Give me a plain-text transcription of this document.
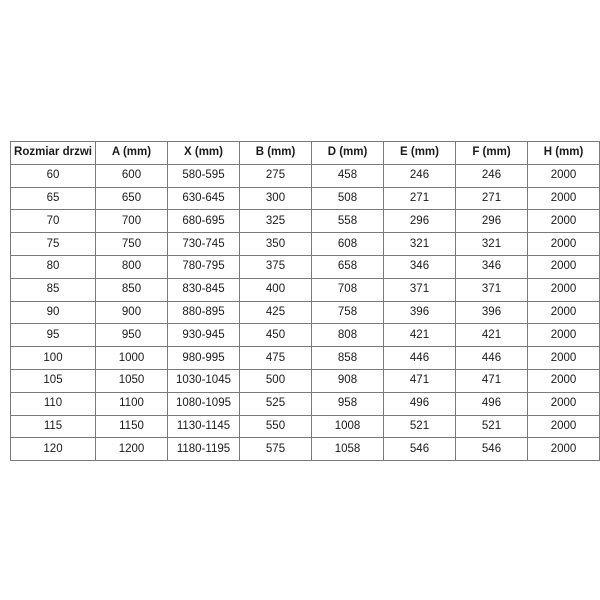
Rozmiar drzwi	A (mm)	X (mm)	B (mm)	D (mm)	E (mm)	F (mm)	H (mm)
60	600	580-595	275	458	246	246	2000
65	650	630-645	300	508	271	271	2000
70	700	680-695	325	558	296	296	2000
75	750	730-745	350	608	321	321	2000
80	800	780-795	375	658	346	346	2000
85	850	830-845	400	708	371	371	2000
90	900	880-895	425	758	396	396	2000
95	950	930-945	450	808	421	421	2000
100	1000	980-995	475	858	446	446	2000
105	1050	1030-1045	500	908	471	471	2000
110	1100	1080-1095	525	958	496	496	2000
115	1150	1130-1145	550	1008	521	521	2000
120	1200	1180-1195	575	1058	546	546	2000
